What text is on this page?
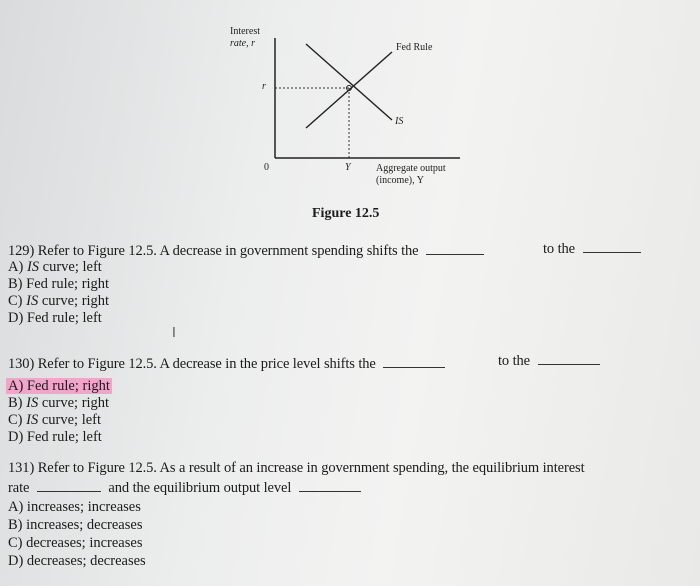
Interest
rate, r
r
0	Y	Aggregate output
(income), Y
Fed Rule
IS
Figure 12.5
129) Refer to Figure 12.5. A decrease in government spending shifts the	to the
A) IS curve; left
B) Fed rule; right
C) IS curve; right
D) Fed rule; left
I
130) Refer to Figure 12.5. A decrease in the price level shifts the	to the
A) Fed rule; right
B) IS curve; right
C) IS curve; left
D) Fed rule; left
131) Refer to Figure 12.5. As a result of an increase in government spending, the equilibrium interest
rate	and the equilibrium output level
A) increases; increases
B) increases; decreases
C) decreases; increases
D) decreases; decreases
